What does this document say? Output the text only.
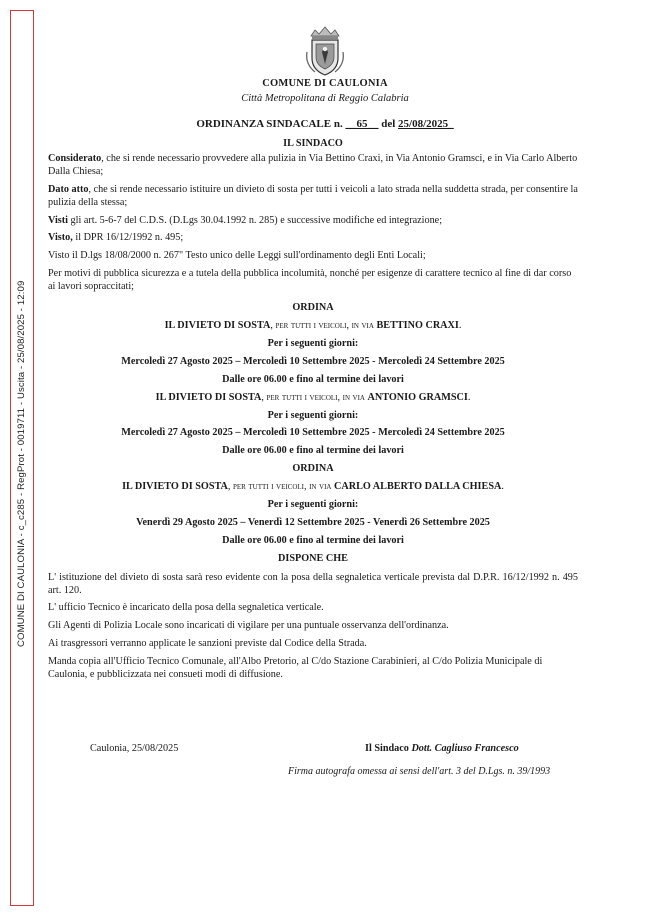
COMUNE DI CAULONIA - c_c285 - RegProt - 0019711 - Uscita - 25/08/2025 - 12:09
COMUNE DI CAULONIA
Città Metropolitana di Reggio Calabria
ORDINANZA SINDACALE n. __65__ del 25/08/2025_

IL SINDACO

Considerato, che si rende necessario provvedere alla pulizia in Via Bettino Craxi, in Via Antonio Gramsci, e in Via Carlo Alberto Dalla Chiesa;

Dato atto, che si rende necessario istituire un divieto di sosta per tutti i veicoli a lato strada nella suddetta strada, per consentire la pulizia della stessa;

Visti gli art. 5-6-7 del C.D.S. (D.Lgs 30.04.1992 n. 285) e successive modifiche ed integrazione;

Visto, il DPR 16/12/1992 n. 495;

Visto il D.lgs 18/08/2000 n. 267" Testo unico delle Leggi sull'ordinamento degli Enti Locali;

Per motivi di pubblica sicurezza e a tutela della pubblica incolumità, nonché per esigenze di carattere tecnico al fine di dar corso ai lavori sopraccitati;

ORDINA

IL DIVIETO DI SOSTA, per tutti i veicoli, in via BETTINO CRAXI.

Per i seguenti giorni:

Mercoledì 27 Agosto 2025 – Mercoledì 10 Settembre 2025 - Mercoledì 24 Settembre 2025

Dalle ore 06.00 e fino al termine dei lavori

IL DIVIETO DI SOSTA, per tutti i veicoli, in via ANTONIO GRAMSCI.

Per i seguenti giorni:

Mercoledì 27 Agosto 2025 – Mercoledì 10 Settembre 2025 - Mercoledì 24 Settembre 2025

Dalle ore 06.00 e fino al termine dei lavori

ORDINA

IL DIVIETO DI SOSTA, per tutti i veicoli, in via CARLO ALBERTO DALLA CHIESA.

Per i seguenti giorni:

Venerdì 29 Agosto 2025 – Venerdì 12 Settembre 2025 - Venerdì 26 Settembre 2025

Dalle ore 06.00 e fino al termine dei lavori

DISPONE CHE

L' istituzione del divieto di sosta sarà reso evidente con la posa della segnaletica verticale prevista dal D.P.R. 16/12/1992 n. 495 art. 120.

L' ufficio Tecnico è incaricato della posa della segnaletica verticale.

Gli Agenti di Polizia Locale sono incaricati di vigilare per una puntuale osservanza dell'ordinanza.

Ai trasgressori verranno applicate le sanzioni previste dal Codice della Strada.

Manda copia all'Ufficio Tecnico Comunale, all'Albo Pretorio, al C/do Stazione Carabinieri, al C/do Polizia Municipale di Caulonia, e pubblicizzata nei consueti modi di diffusione.

Caulonia, 25/08/2025	Il Sindaco Dott. Cagliuso Francesco
Firma autografa omessa ai sensi dell'art. 3 del D.Lgs. n. 39/1993
